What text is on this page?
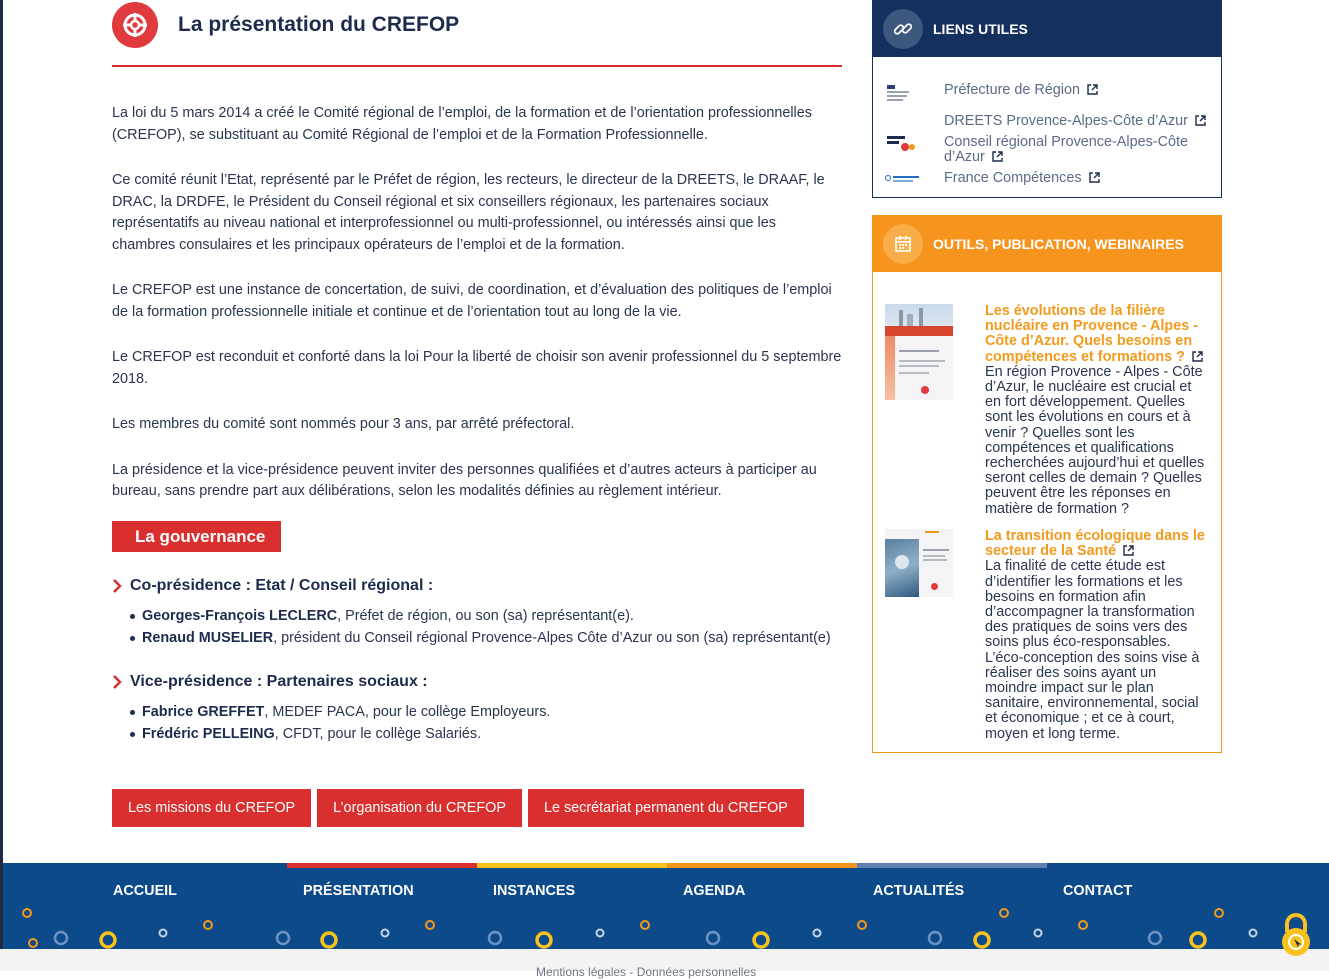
La présentation du CREFOP

La loi du 5 mars 2014 a créé le Comité régional de l’emploi, de la formation et de l’orientation professionnelles (CREFOP), se substituant au Comité Régional de l’emploi et de la Formation Professionnelle.

Ce comité réunit l’Etat, représenté par le Préfet de région, les recteurs, le directeur de la DREETS, le DRAAF, le DRAC, la DRDFE, le Président du Conseil régional et six conseillers régionaux, les partenaires sociaux représentatifs au niveau national et interprofessionnel ou multi-professionnel, ou intéressés ainsi que les chambres consulaires et les principaux opérateurs de l’emploi et de la formation.

Le CREFOP est une instance de concertation, de suivi, de coordination, et d’évaluation des politiques de l’emploi de la formation professionnelle initiale et continue et de l’orientation tout au long de la vie.

Le CREFOP est reconduit et conforté dans la loi Pour la liberté de choisir son avenir professionnel du 5 septembre 2018.

Les membres du comité sont nommés pour 3 ans, par arrêté préfectoral.

La présidence et la vice-présidence peuvent inviter des personnes qualifiées et d’autres acteurs à participer au bureau, sans prendre part aux délibérations, selon les modalités définies au règlement intérieur.

La gouvernance
Co-présidence : Etat / Conseil régional :
Georges-François LECLERC, Préfet de région, ou son (sa) représentant(e).
Renaud MUSELIER, président du Conseil régional Provence-Alpes Côte d’Azur ou son (sa) représentant(e)
Vice-présidence : Partenaires sociaux :
Fabrice GREFFET, MEDEF PACA, pour le collège Employeurs.
Frédéric PELLEING, CFDT, pour le collège Salariés.
Les missions du CREFOP	L’organisation du CREFOP	Le secrétariat permanent du CREFOP
LIENS UTILES
Préfecture de Région
DREETS Provence-Alpes-Côte d’Azur
Conseil régional Provence-Alpes-Côte d’Azur
France Compétences
OUTILS, PUBLICATION, WEBINAIRES
Les évolutions de la filière nucléaire en Provence - Alpes - Côte d’Azur. Quels besoins en compétences et formations ?
En région Provence - Alpes - Côte d’Azur, le nucléaire est crucial et en fort développement. Quelles sont les évolutions en cours et à venir ? Quelles sont les compétences et qualifications recherchées aujourd’hui et quelles seront celles de demain ? Quelles peuvent être les réponses en matière de formation ?
La transition écologique dans le secteur de la Santé
La finalité de cette étude est d’identifier les formations et les besoins en formation afin d’accompagner la transformation des pratiques de soins vers des soins plus éco-responsables. L’éco-conception des soins vise à réaliser des soins ayant un moindre impact sur le plan sanitaire, environnemental, social et économique ; et ce à court, moyen et long terme.
ACCUEIL	PRÉSENTATION	INSTANCES	AGENDA	ACTUALITÉS	CONTACT
Mentions légales - Données personnelles
